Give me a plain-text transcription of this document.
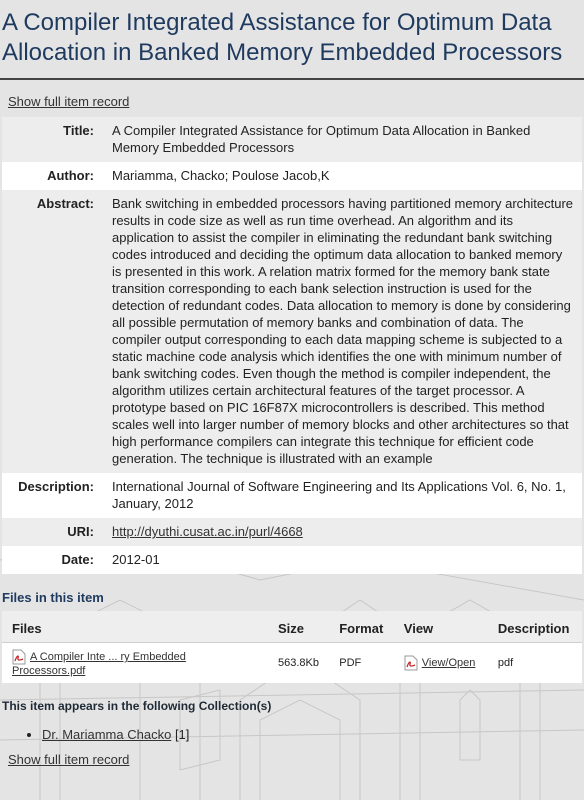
A Compiler Integrated Assistance for Optimum Data Allocation in Banked Memory Embedded Processors
Show full item record
Title:	A Compiler Integrated Assistance for Optimum Data Allocation in Banked Memory Embedded Processors
Author:	Mariamma, Chacko; Poulose Jacob,K
Abstract:	Bank switching in embedded processors having partitioned memory architecture results in code size as well as run time overhead. An algorithm and its application to assist the compiler in eliminating the redundant bank switching codes introduced and deciding the optimum data allocation to banked memory is presented in this work. A relation matrix formed for the memory bank state transition corresponding to each bank selection instruction is used for the detection of redundant codes. Data allocation to memory is done by considering all possible permutation of memory banks and combination of data. The compiler output corresponding to each data mapping scheme is subjected to a static machine code analysis which identifies the one with minimum number of bank switching codes. Even though the method is compiler independent, the algorithm utilizes certain architectural features of the target processor. A prototype based on PIC 16F87X microcontrollers is described. This method scales well into larger number of memory blocks and other architectures so that high performance compilers can integrate this technique for efficient code generation. The technique is illustrated with an example
Description:	International Journal of Software Engineering and Its Applications Vol. 6, No. 1, January, 2012
URI:	http://dyuthi.cusat.ac.in/purl/4668
Date:	2012-01
Files in this item
Files	Size	Format	View	Description
A Compiler Inte ... ry Embedded Processors.pdf	563.8Kb	PDF	View/Open	pdf
This item appears in the following Collection(s)
• Dr. Mariamma Chacko [1]
Show full item record
